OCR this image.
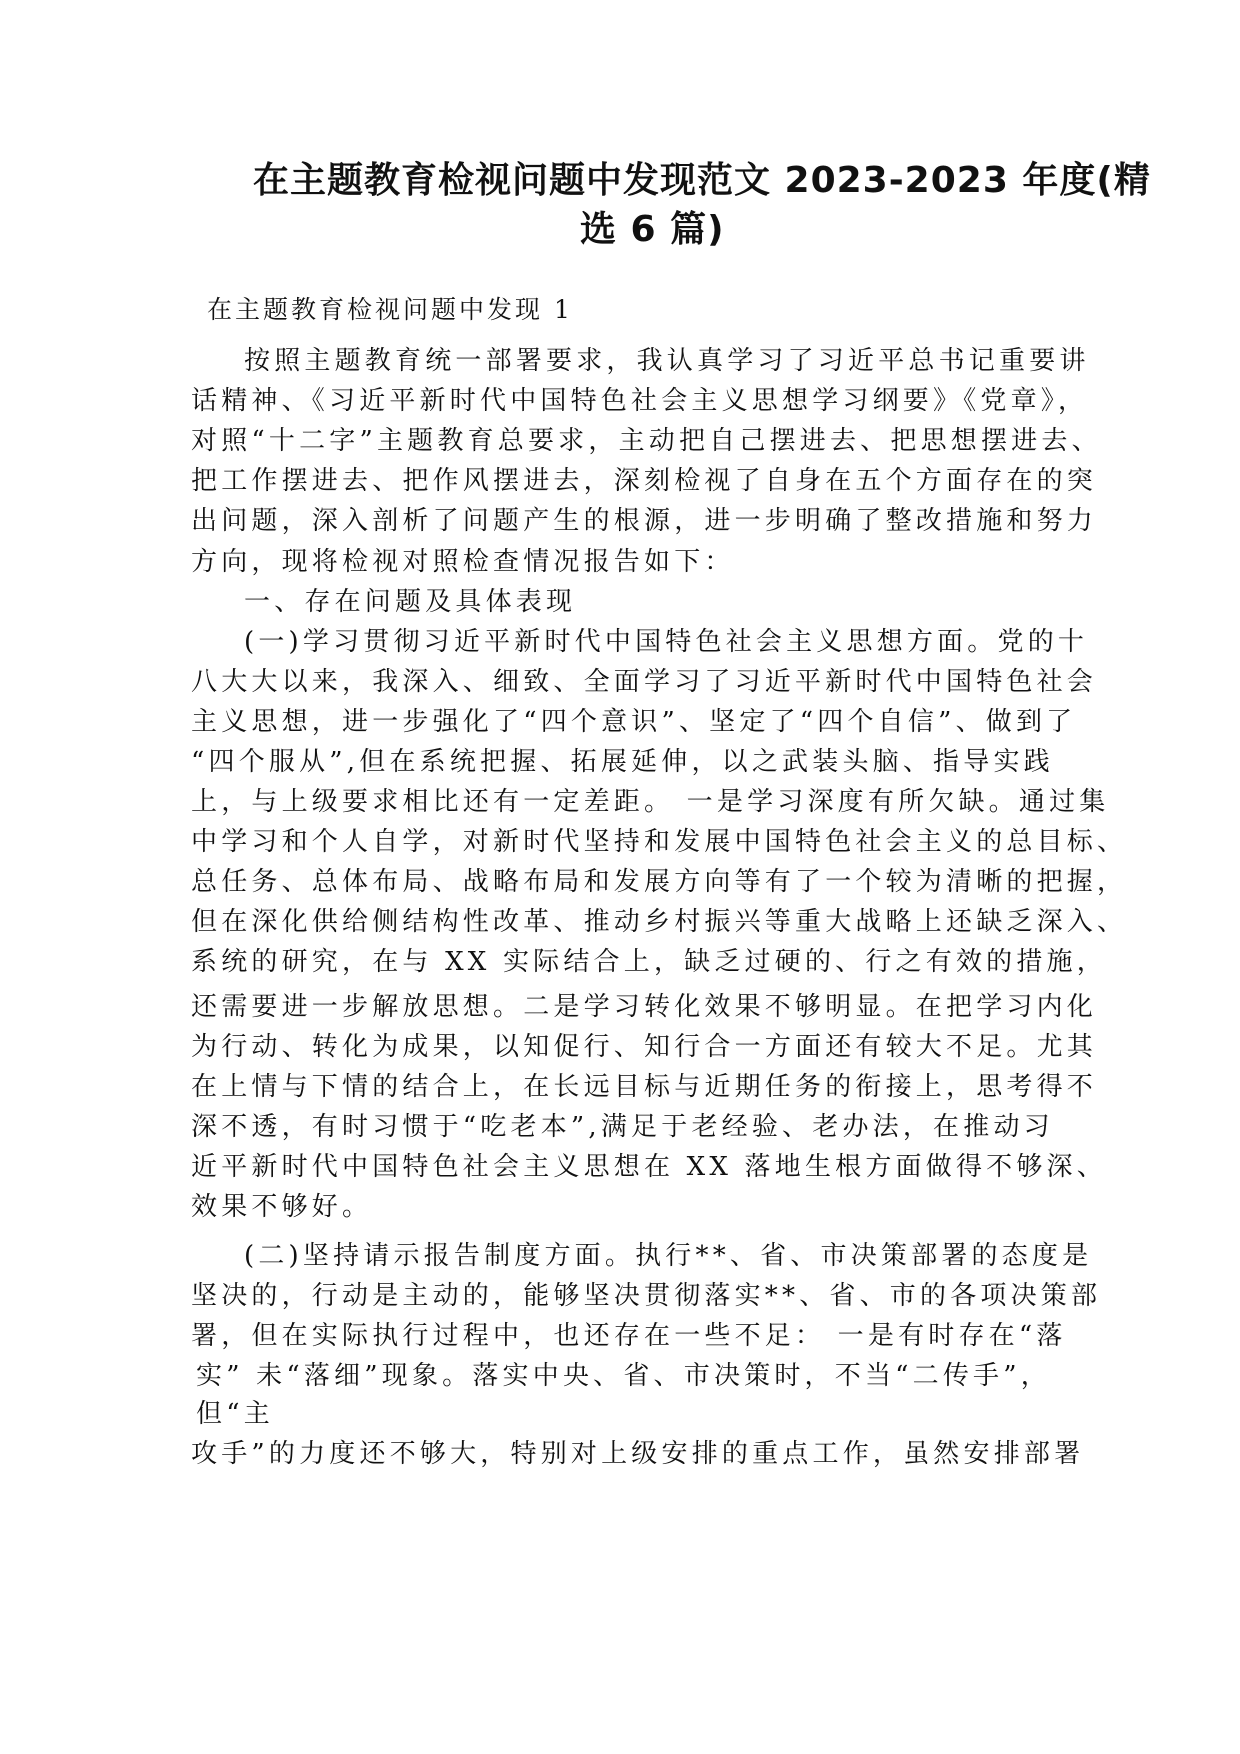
在主题教育检视问题中发现范文 2023-2023 年度(精
选 6 篇)
在主题教育检视问题中发现 1
按照主题教育统一部署要求，我认真学习了习近平总书记重要讲
话精神、《习近平新时代中国特色社会主义思想学习纲要》《党章》，
对照“十二字”主题教育总要求，主动把自己摆进去、把思想摆进去、
把工作摆进去、把作风摆进去，深刻检视了自身在五个方面存在的突
出问题，深入剖析了问题产生的根源，进一步明确了整改措施和努力
方向，现将检视对照检查情况报告如下：
一、存在问题及具体表现
(一)学习贯彻习近平新时代中国特色社会主义思想方面。党的十
八大大以来，我深入、细致、全面学习了习近平新时代中国特色社会
主义思想，进一步强化了“四个意识”、坚定了“四个自信”、做到了
“四个服从”,但在系统把握、拓展延伸，以之武装头脑、指导实践
上，与上级要求相比还有一定差距。 一是学习深度有所欠缺。通过集
中学习和个人自学，对新时代坚持和发展中国特色社会主义的总目标、
总任务、总体布局、战略布局和发展方向等有了一个较为清晰的把握，
但在深化供给侧结构性改革、推动乡村振兴等重大战略上还缺乏深入、
系统的研究，在与 XX 实际结合上，缺乏过硬的、行之有效的措施，
还需要进一步解放思想。二是学习转化效果不够明显。在把学习内化
为行动、转化为成果，以知促行、知行合一方面还有较大不足。尤其
在上情与下情的结合上，在长远目标与近期任务的衔接上，思考得不
深不透，有时习惯于“吃老本”,满足于老经验、老办法，在推动习
近平新时代中国特色社会主义思想在 XX 落地生根方面做得不够深、
效果不够好。
(二)坚持请示报告制度方面。执行**、省、市决策部署的态度是
坚决的，行动是主动的，能够坚决贯彻落实**、省、市的各项决策部
署，但在实际执行过程中，也还存在一些不足： 一是有时存在“落
实” 未“落细”现象。落实中央、省、市决策时，不当“二传手”，
但“主
攻手”的力度还不够大，特别对上级安排的重点工作，虽然安排部署
